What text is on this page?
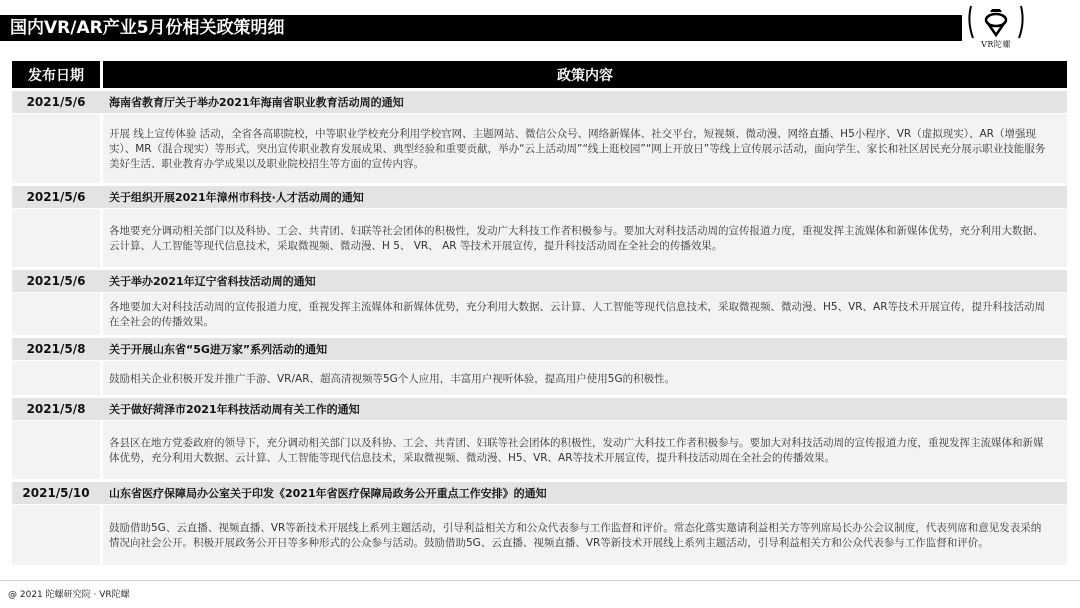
国内VR/AR产业5月份相关政策明细
VR陀螺
发布日期	政策内容
2021/5/6	海南省教育厅关于举办2021年海南省职业教育活动周的通知
开展 线上宣传体验 活动，全省各高职院校，中等职业学校充分利用学校官网、主题网站、微信公众号、网络新媒体、社交平台，短视频、微动漫、网络直播、H5小程序、VR（虚拟现实）、AR（增强现实）、MR（混合现实）等形式，突出宣传职业教育发展成果、典型经验和重要贡献，举办“云上活动周”“线上逛校园”“网上开放日”等线上宣传展示活动，面向学生、家长和社区居民充分展示职业技能服务美好生活、职业教育办学成果以及职业院校招生等方面的宣传内容。
2021/5/6	关于组织开展2021年漳州市科技·人才活动周的通知
各地要充分调动相关部门以及科协、工会、共青团、妇联等社会团体的积极性，发动广大科技工作者积极参与。要加大对科技活动周的宣传报道力度，重视发挥主流媒体和新媒体优势，充分利用大数据、云计算、人工智能等现代信息技术，采取微视频、微动漫、H 5、 VR、 AR 等技术开展宣传，提升科技活动周在全社会的传播效果。
2021/5/6	关于举办2021年辽宁省科技活动周的通知
各地要加大对科技活动周的宣传报道力度，重视发挥主流媒体和新媒体优势，充分利用大数据、云计算、人工智能等现代信息技术，采取微视频、微动漫、H5、VR、AR等技术开展宣传，提升科技活动周在全社会的传播效果。
2021/5/8	关于开展山东省“5G进万家”系列活动的通知
鼓励相关企业积极开发并推广手游、VR/AR、超高清视频等5G个人应用，丰富用户视听体验，提高用户使用5G的积极性。
2021/5/8	关于做好菏泽市2021年科技活动周有关工作的通知
各县区在地方党委政府的领导下，充分调动相关部门以及科协、工会、共青团、妇联等社会团体的积极性，发动广大科技工作者积极参与。要加大对科技活动周的宣传报道力度，重视发挥主流媒体和新媒体优势，充分利用大数据、云计算、人工智能等现代信息技术，采取微视频、微动漫、H5、VR、AR等技术开展宣传，提升科技活动周在全社会的传播效果。
2021/5/10	山东省医疗保障局办公室关于印发《2021年省医疗保障局政务公开重点工作安排》的通知
鼓励借助5G、云直播、视频直播、VR等新技术开展线上系列主题活动，引导利益相关方和公众代表参与工作监督和评价。常态化落实邀请利益相关方等列席局长办公会议制度，代表列席和意见发表采纳情况向社会公开。积极开展政务公开日等多种形式的公众参与活动。鼓励借助5G、云直播、视频直播、VR等新技术开展线上系列主题活动，引导利益相关方和公众代表参与工作监督和评价。
@ 2021 陀螺研究院 · VR陀螺
